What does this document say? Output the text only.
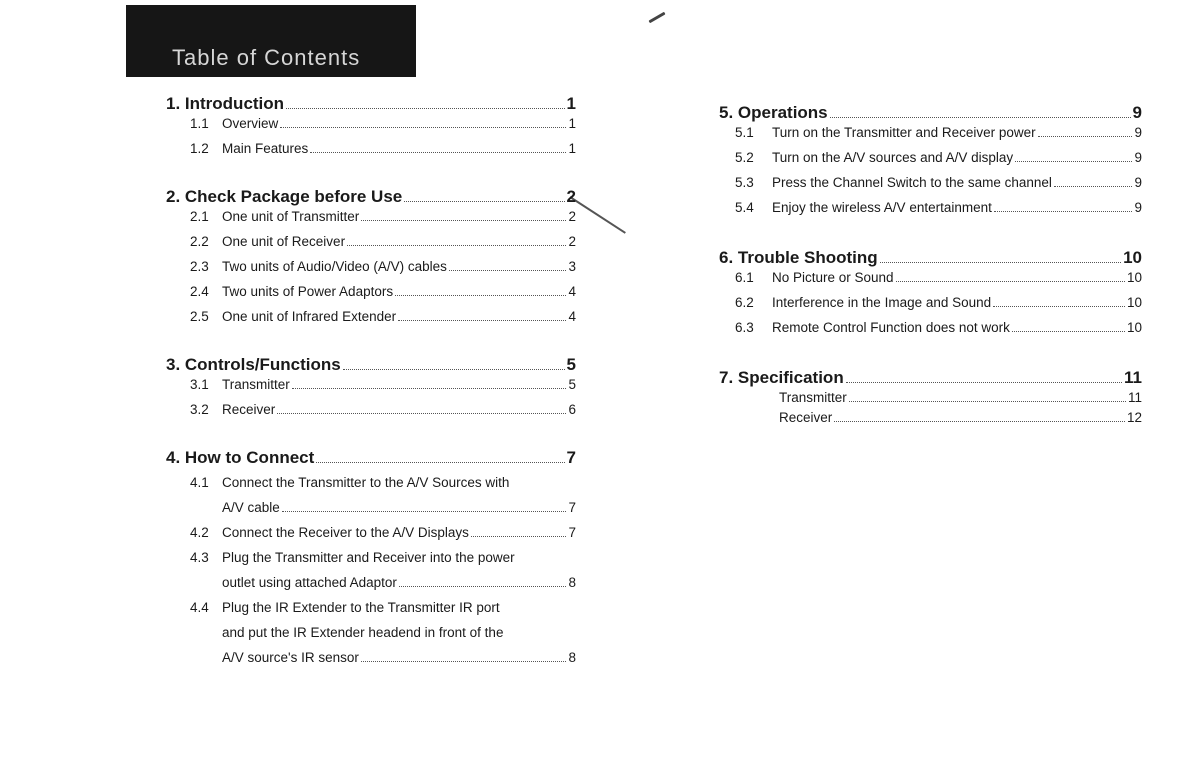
Table of Contents
1. Introduction	1
1.1 Overview	1
1.2 Main Features	1
2. Check Package before Use	2
2.1 One unit of Transmitter	2
2.2 One unit of Receiver	2
2.3 Two units of Audio/Video (A/V) cables	3
2.4 Two units of Power Adaptors	4
2.5 One unit of Infrared Extender	4
3. Controls/Functions	5
3.1 Transmitter	5
3.2 Receiver	6
4. How to Connect	7
4.1 Connect the Transmitter to the A/V Sources with
A/V cable	7
4.2 Connect the Receiver to the A/V Displays	7
4.3 Plug the Transmitter and Receiver into the power
outlet using attached Adaptor	8
4.4 Plug the IR Extender to the Transmitter IR port
and put the IR Extender headend in front of the
A/V source's IR sensor	8
5. Operations	9
5.1	Turn on the Transmitter and Receiver power	9
5.2	Turn on the A/V sources and A/V display	9
5.3	Press the Channel Switch to the same channel	9
5.4	Enjoy the wireless A/V entertainment	9
6. Trouble Shooting	10
6.1	No Picture or Sound	10
6.2	Interference in the Image and Sound	10
6.3	Remote Control Function does not work	10
7. Specification	11
Transmitter	11
Receiver	12
